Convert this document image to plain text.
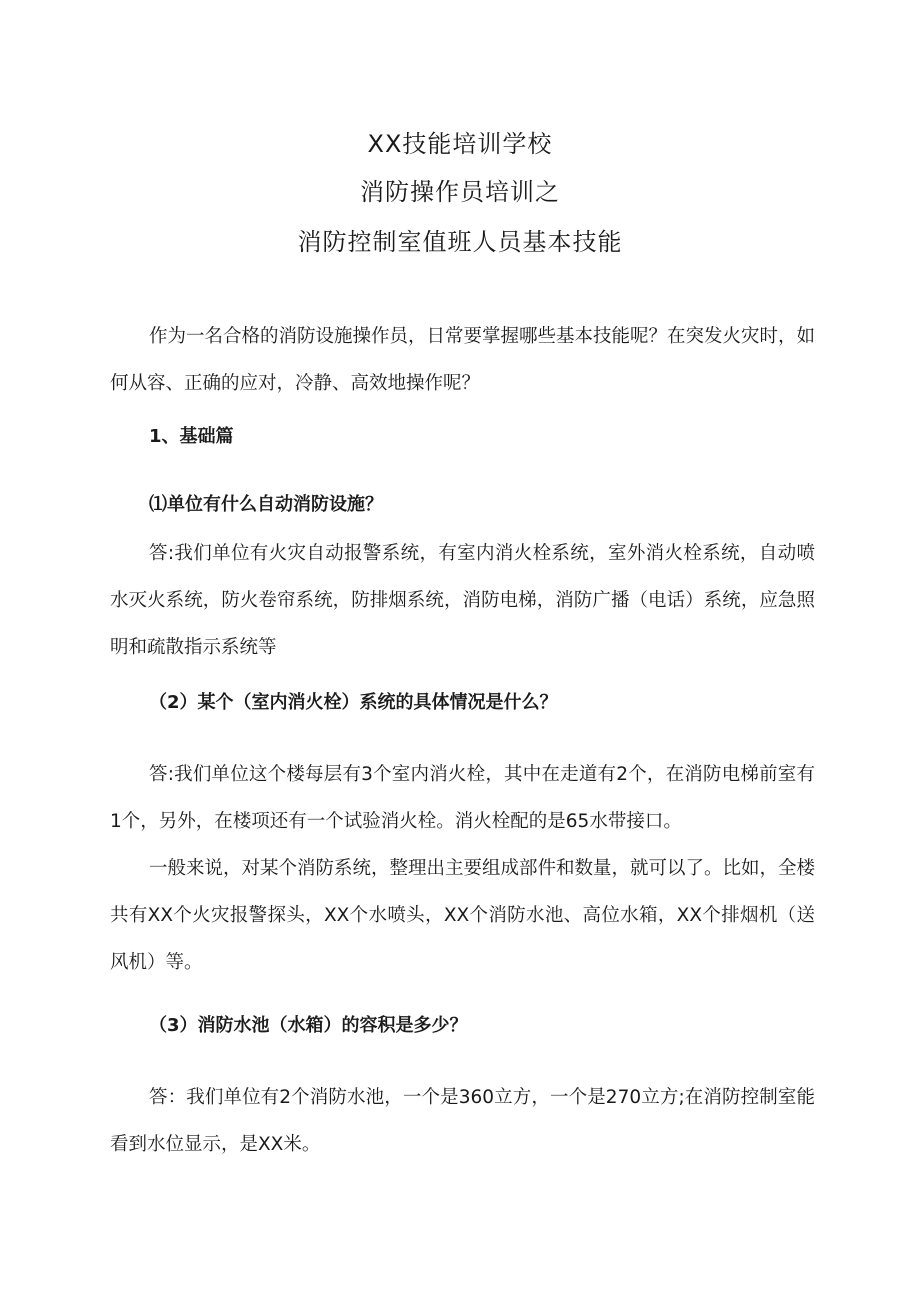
XX技能培训学校
消防操作员培训之
消防控制室值班人员基本技能

作为一名合格的消防设施操作员，日常要掌握哪些基本技能呢？在突发火灾时，如何从容、正确的应对，冷静、高效地操作呢？

1、基础篇
⑴单位有什么自动消防设施？

答:我们单位有火灾自动报警系统，有室内消火栓系统，室外消火栓系统，自动喷水灭火系统，防火卷帘系统，防排烟系统，消防电梯，消防广播（电话）系统，应急照明和疏散指示系统等

（2）某个（室内消火栓）系统的具体情况是什么？

答:我们单位这个楼每层有3个室内消火栓，其中在走道有2个，在消防电梯前室有1个，另外，在楼项还有一个试验消火栓。消火栓配的是65水带接口。

一般来说，对某个消防系统，整理出主要组成部件和数量，就可以了。比如，全楼共有XX个火灾报警探头，XX个水喷头，XX个消防水池、高位水箱，XX个排烟机（送风机）等。

（3）消防水池（水箱）的容积是多少？

答：我们单位有2个消防水池，一个是360立方，一个是270立方;在消防控制室能看到水位显示，是XX米。
